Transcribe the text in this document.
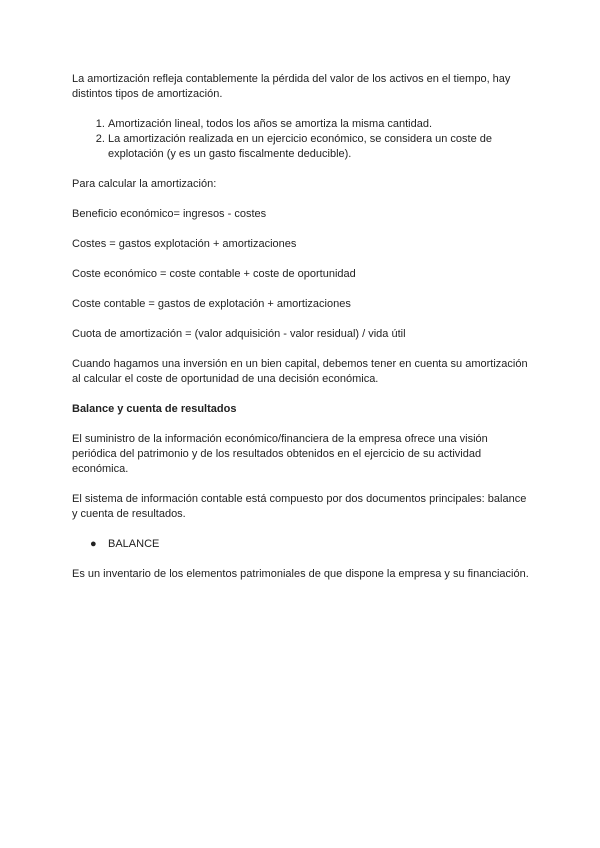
La amortización refleja contablemente la pérdida del valor de los activos en el tiempo, hay distintos tipos de amortización.

1. Amortización lineal, todos los años se amortiza la misma cantidad.
2. La amortización realizada en un ejercicio económico, se considera un coste de explotación (y es un gasto fiscalmente deducible).

Para calcular la amortización:

Beneficio económico= ingresos - costes

Costes = gastos explotación + amortizaciones

Coste económico = coste contable + coste de oportunidad

Coste contable = gastos de explotación + amortizaciones

Cuota de amortización = (valor adquisición - valor residual) / vida útil

Cuando hagamos una inversión en un bien capital, debemos tener en cuenta su amortización al calcular el coste de oportunidad de una decisión económica.

Balance y cuenta de resultados

El suministro de la información económico/financiera de la empresa ofrece una visión periódica del patrimonio y de los resultados obtenidos en el ejercicio de su actividad económica.

El sistema de información contable está compuesto por dos documentos principales: balance y cuenta de resultados.

● BALANCE

Es un inventario de los elementos patrimoniales de que dispone la empresa y su financiación.
